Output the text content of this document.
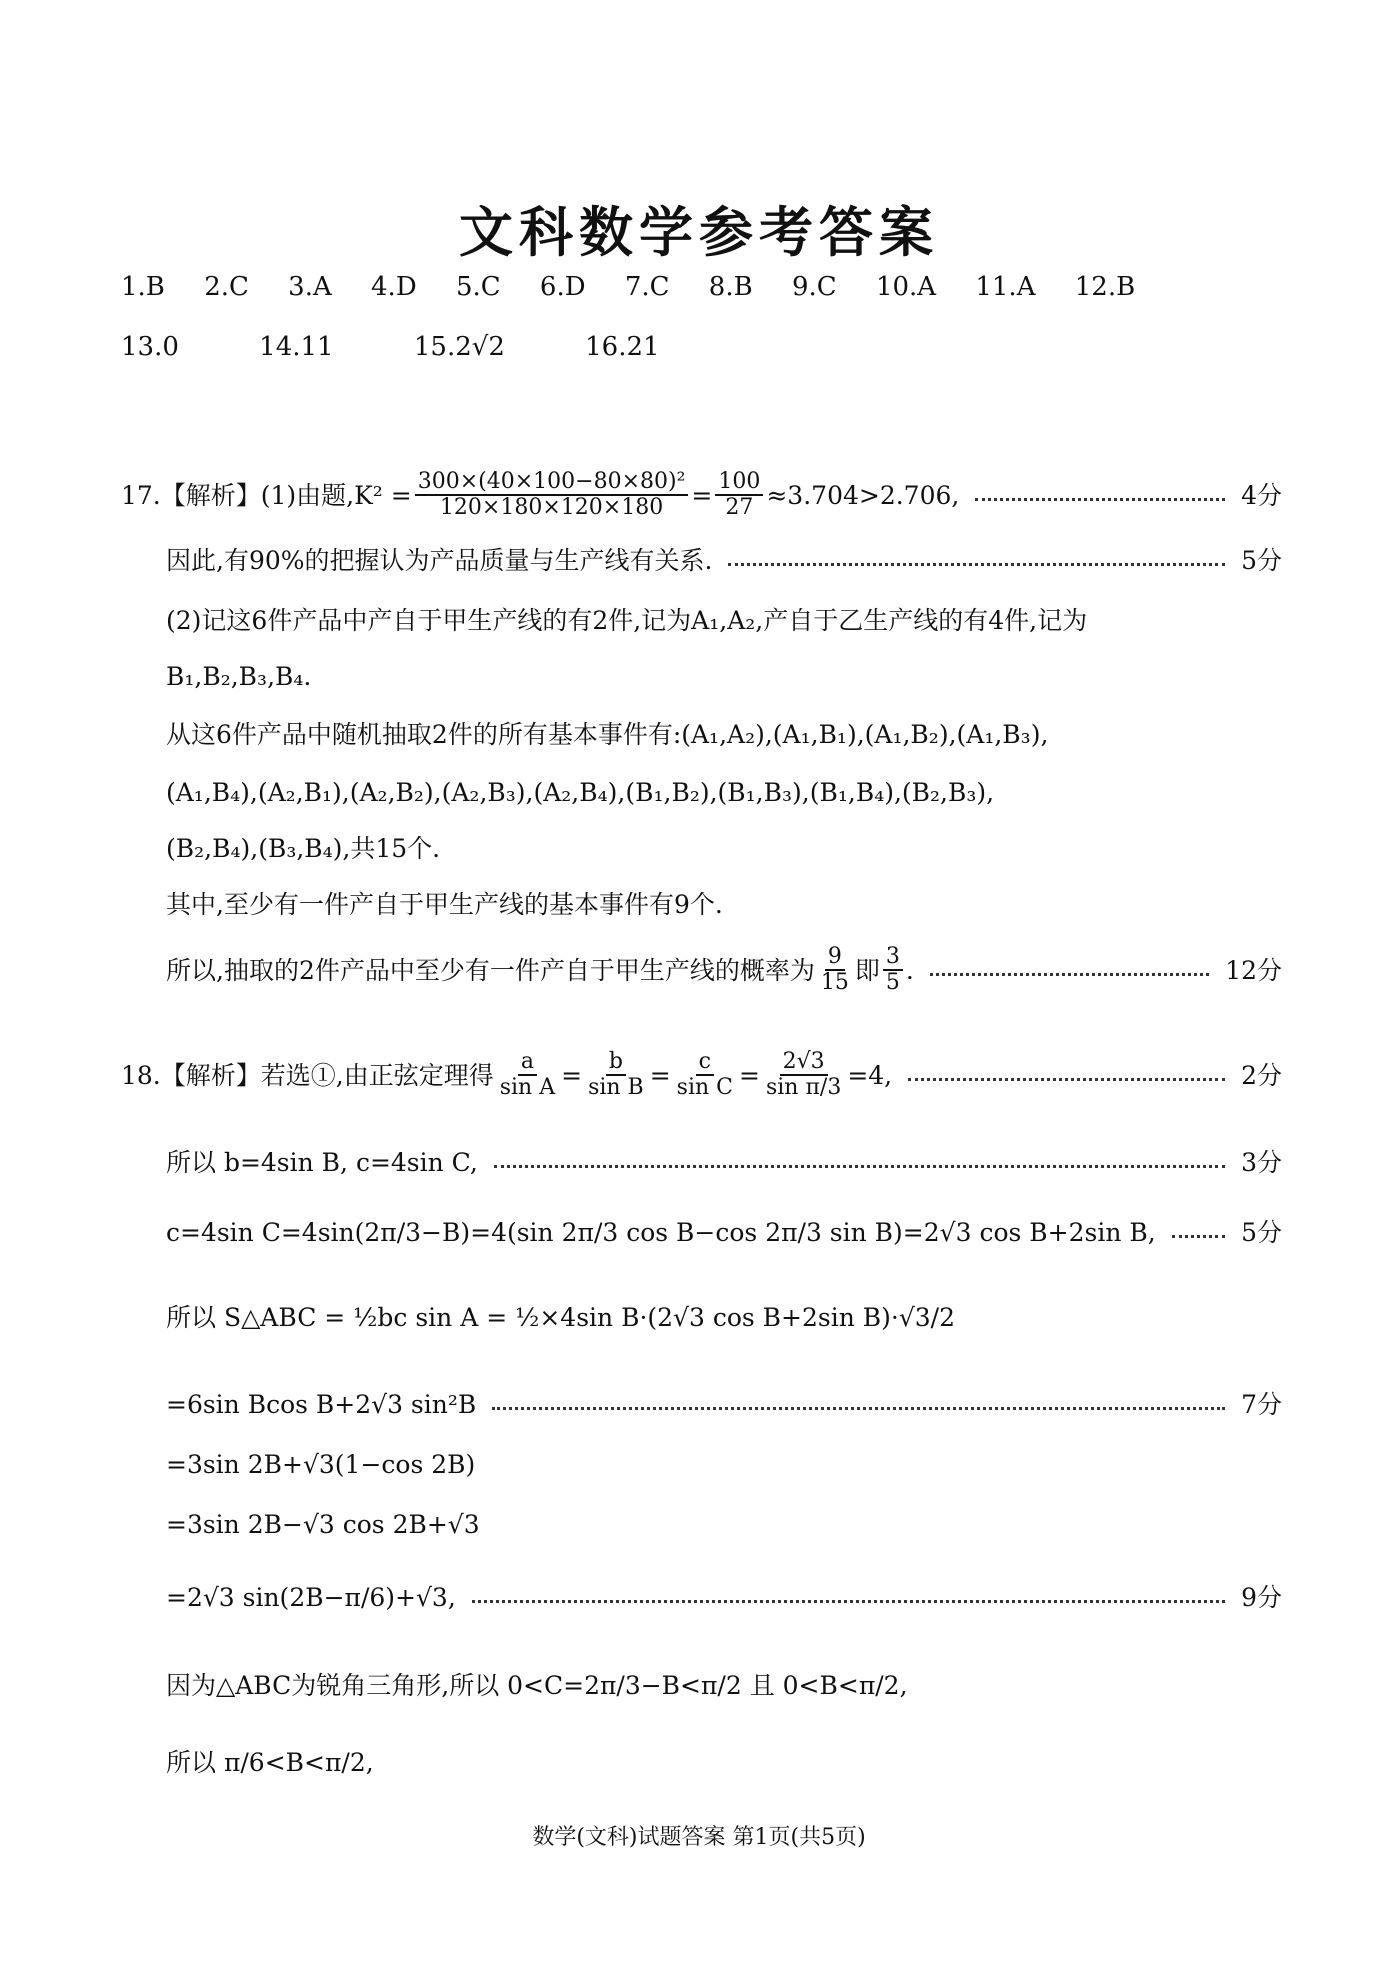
文科数学参考答案
1.B 2.C 3.A 4.D 5.C 6.D 7.C 8.B 9.C 10.A 11.A 12.B
13.0	14.11	15.2√2	16.21
17.【解析】(1)由题$,K^2 = \frac{\text{300×(40×100−80×80)²}}{120\times 180\times 120\times 180} = \frac{100}{27} \approx 3.704>2.706$,	4分
因此,有90%的把握认为产品质量与生产线有关系.	5分
(2)记这6件产品中产自于甲生产线的有2件,记为A₁,A₂,产自于乙生产线的有4件,记为
B₁,B₂,B₃,B₄.
从这6件产品中随机抽取2件的所有基本事件有:(A₁,A₂),(A₁,B₁),(A₁,B₂),(A₁,B₃),
(A₁,B₄),(A₂,B₁),(A₂,B₂),(A₂,B₃),(A₂,B₄),(B₁,B₂),(B₁,B₃),(B₁,B₄),(B₂,B₃),
(B₂,B₄),(B₃,B₄),共15个.
其中,至少有一件产自于甲生产线的基本事件有9个.
所以,抽取的2件产品中至少有一件产自于甲生产线的概率为 $\frac{9}{15}$ 即 $\frac{3}{5}$ .	12分
18.【解析】若选①,由正弦定理得 $\frac{a}{\text{sin A}} = \frac{b}{\text{sin B}} = \frac{c}{\text{sin C}} = \frac{2√3}{\text{sin π/3}} =4$,	2分
所以 b=4sin B, c=4sin C,	3分
c=4sin C=4sin(2π/3−B)=4(sin 2π/3 cos B−cos 2π/3 sin B)=2√3 cos B+2sin B,	5分
所以 S△ABC = ½bc sin A = ½×4sin B·(2√3 cos B+2sin B)·√3/2
=6sin Bcos B+2√3 sin²B	7分
=3sin 2B+√3(1−cos 2B)
=3sin 2B−√3 cos 2B+√3
=2√3 sin(2B−π/6)+√3,	9分
因为△ABC为锐角三角形,所以 0<C=2π/3−B<π/2 且 0<B<π/2,
所以 π/6<B<π/2,
数学(文科)试题答案 第1页(共5页)
